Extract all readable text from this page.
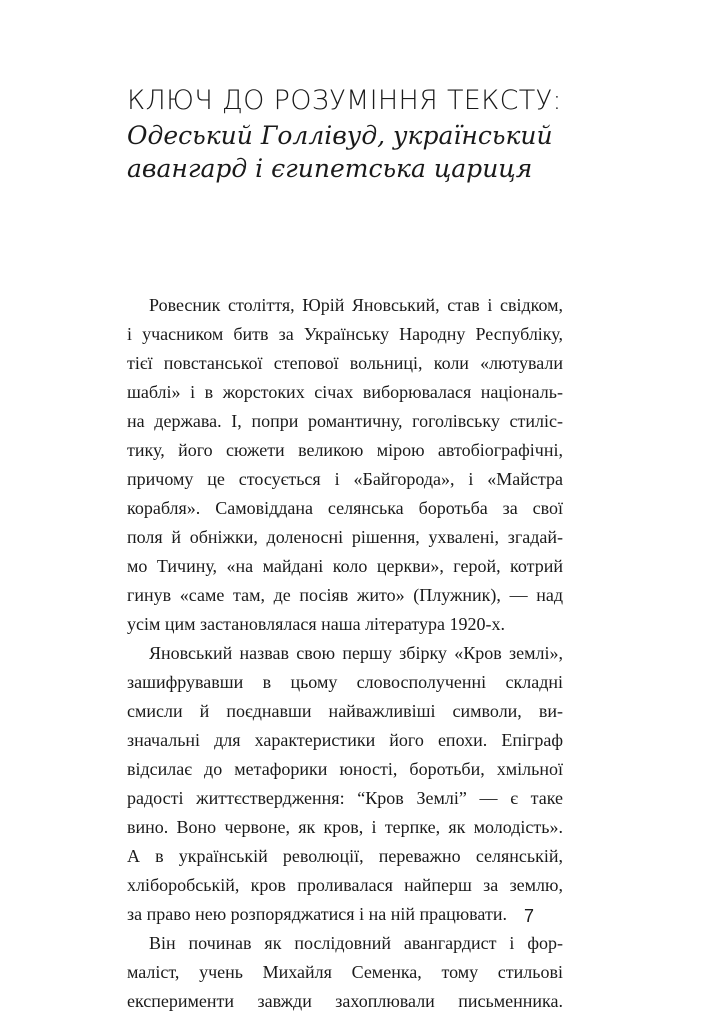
КЛЮЧ ДО РОЗУМІННЯ ТЕКСТУ:

Одеський Голлівуд, український

авангард і єгипетська цариця

Ровесник століття, Юрій Яновський, став і свідком,
і учасником битв за Українську Народну Республіку,
тієї повстанської степової вольниці, коли «лютували
шаблі» і в жорстоких січах виборювалася національ-
на держава. І, попри романтичну, гоголівську стиліс-
тику, його сюжети великою мірою автобіографічні,
причому це стосується і «Байгорода», і «Майстра
корабля». Самовіддана селянська боротьба за свої
поля й обніжки, доленосні рішення, ухвалені, згадай-
мо Тичину, «на майдані коло церкви», герой, котрий
гинув «саме там, де посіяв жито» (Плужник), — над
усім цим застановлялася наша література 1920-х.
Яновський назвав свою першу збірку «Кров землі»,
зашифрувавши в цьому словосполученні складні
смисли й поєднавши найважливіші символи, ви-
значальні для характеристики його епохи. Епіграф
відсилає до метафорики юності, боротьби, хмільної
радості життєствердження: “Кров Землі” — є таке
вино. Воно червоне, як кров, і терпке, як молодість».
А в українській революції, переважно селянській,
хліборобській, кров проливалася найперш за землю,
за право нею розпоряджатися і на ній працювати.
Він починав як послідовний авангардист і фор-
маліст, учень Михайля Семенка, тому стильові
експерименти завжди захоплювали письменника.
7
